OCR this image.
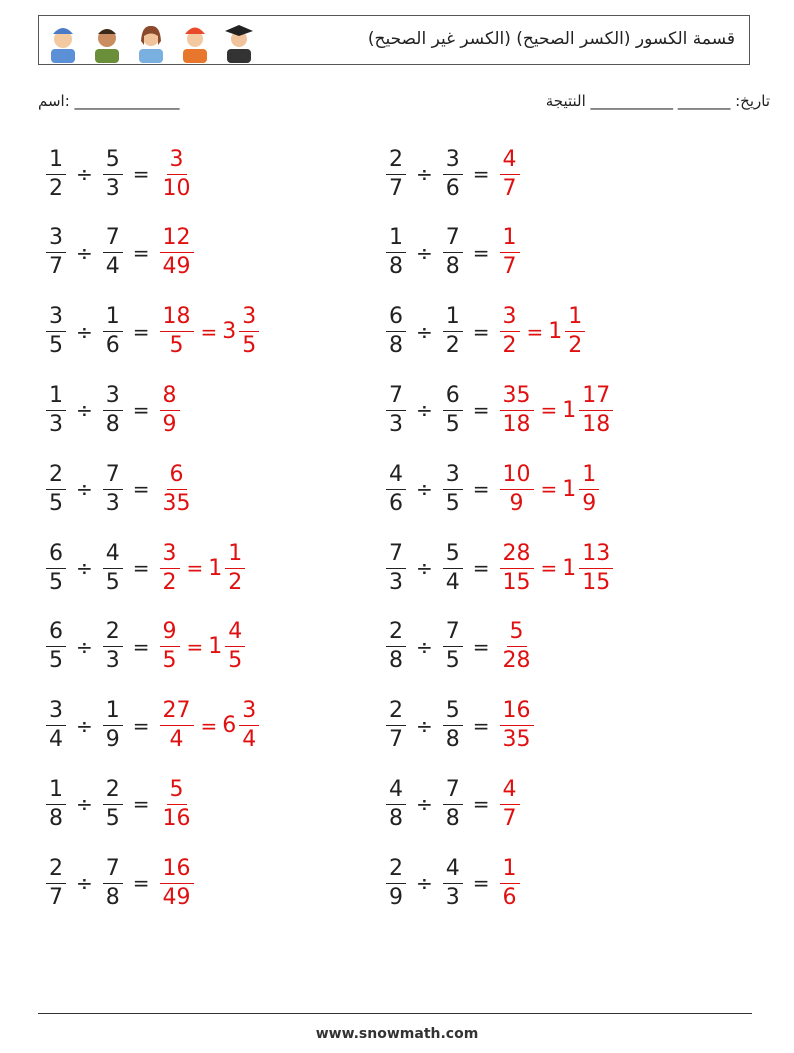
قسمة الكسور (الكسر الصحيح) (الكسر غير الصحيح)
اسم: ______________	تاريخ: _______ ___________ النتيجة
$\frac{1}{2} \div \frac{5}{3} = \frac{3}{10}$
$\frac{3}{7} \div \frac{7}{4} = \frac{12}{49}$
$\frac{3}{5} \div \frac{1}{6} = \frac{18}{5} = 3 \frac{3}{5}$
$\frac{1}{3} \div \frac{3}{8} = \frac{8}{9}$
$\frac{2}{5} \div \frac{7}{3} = \frac{6}{35}$
$\frac{6}{5} \div \frac{4}{5} = \frac{3}{2} = 1 \frac{1}{2}$
$\frac{6}{5} \div \frac{2}{3} = \frac{9}{5} = 1 \frac{4}{5}$
$\frac{3}{4} \div \frac{1}{9} = \frac{27}{4} = 6 \frac{3}{4}$
$\frac{1}{8} \div \frac{2}{5} = \frac{5}{16}$
$\frac{2}{7} \div \frac{7}{8} = \frac{16}{49}$
$\frac{2}{7} \div \frac{3}{6} = \frac{4}{7}$
$\frac{1}{8} \div \frac{7}{8} = \frac{1}{7}$
$\frac{6}{8} \div \frac{1}{2} = \frac{3}{2} = 1 \frac{1}{2}$
$\frac{7}{3} \div \frac{6}{5} = \frac{35}{18} = 1 \frac{17}{18}$
$\frac{4}{6} \div \frac{3}{5} = \frac{10}{9} = 1 \frac{1}{9}$
$\frac{7}{3} \div \frac{5}{4} = \frac{28}{15} = 1 \frac{13}{15}$
$\frac{2}{8} \div \frac{7}{5} = \frac{5}{28}$
$\frac{2}{7} \div \frac{5}{8} = \frac{16}{35}$
$\frac{4}{8} \div \frac{7}{8} = \frac{4}{7}$
$\frac{2}{9} \div \frac{4}{3} = \frac{1}{6}$
www.snowmath.com
